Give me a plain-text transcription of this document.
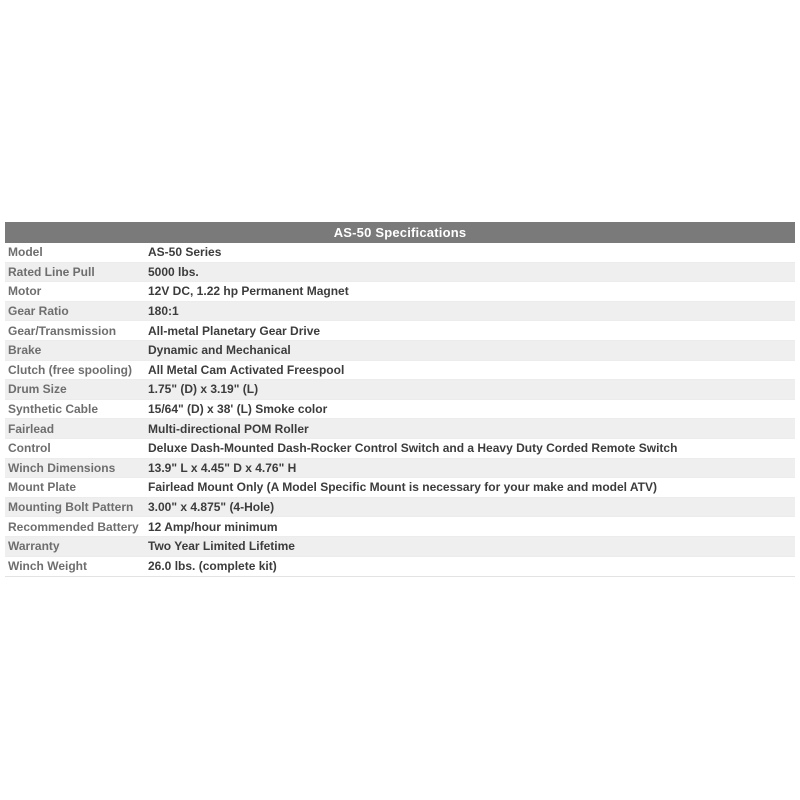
AS-50 Specifications
Model	AS-50 Series
Rated Line Pull	5000 lbs.
Motor	12V DC, 1.22 hp Permanent Magnet
Gear Ratio	180:1
Gear/Transmission	All-metal Planetary Gear Drive
Brake	Dynamic and Mechanical
Clutch (free spooling)	All Metal Cam Activated Freespool
Drum Size	1.75" (D) x 3.19" (L)
Synthetic Cable	15/64" (D) x 38' (L) Smoke color
Fairlead	Multi-directional POM Roller
Control	Deluxe Dash-Mounted Dash-Rocker Control Switch and a Heavy Duty Corded Remote Switch
Winch Dimensions	13.9" L x 4.45" D x 4.76" H
Mount Plate	Fairlead Mount Only (A Model Specific Mount is necessary for your make and model ATV)
Mounting Bolt Pattern	3.00" x 4.875" (4-Hole)
Recommended Battery 12 Amp/hour minimum
Warranty	Two Year Limited Lifetime
Winch Weight	26.0 lbs. (complete kit)
